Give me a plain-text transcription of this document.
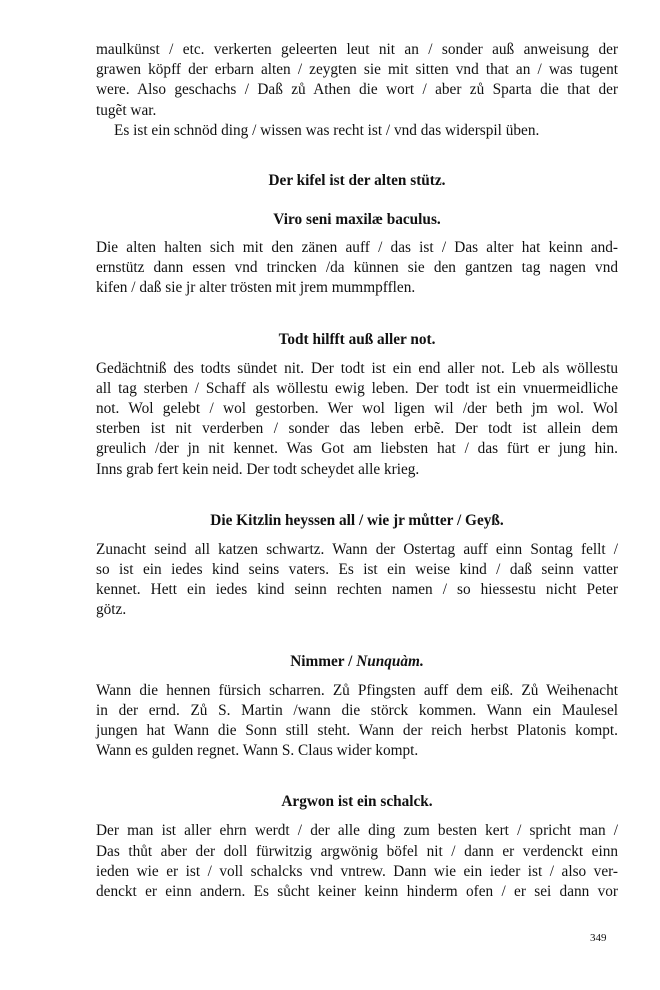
maulkünst / etc. verkerten geleerten leut nit an / sonder auß anweisung der

grawen köpff der erbarn alten / zeygten sie mit sitten vnd that an / was tugent

were. Also geschachs / Daß zů Athen die wort / aber zů Sparta die that der

tugẽt war.

Es ist ein schnöd ding / wissen was recht ist / vnd das widerspil üben.

Der kifel ist der alten stütz.
Viro seni maxilæ baculus.

Die alten halten sich mit den zänen auff / das ist / Das alter hat keinn and-

ernstütz dann essen vnd trincken /da künnen sie den gantzen tag nagen vnd

kifen / daß sie jr alter trösten mit jrem mummpfflen.

Todt hilfft auß aller not.

Gedächtniß des todts sündet nit. Der todt ist ein end aller not. Leb als wöllestu

all tag sterben / Schaff als wöllestu ewig leben. Der todt ist ein vnuermeidliche

not. Wol gelebt / wol gestorben. Wer wol ligen wil /der beth jm wol. Wol

sterben ist nit verderben / sonder das leben erbẽ. Der todt ist allein dem

greulich /der jn nit kennet. Was Got am liebsten hat / das fürt er jung hin.

Inns grab fert kein neid. Der todt scheydet alle krieg.

Die Kitzlin heyssen all / wie jr můtter / Geyß.

Zunacht seind all katzen schwartz. Wann der Ostertag auff einn Sontag fellt /

so ist ein iedes kind seins vaters. Es ist ein weise kind / daß seinn vatter

kennet. Hett ein iedes kind seinn rechten namen / so hiessestu nicht Peter

götz.

Nimmer / Nunquàm.

Wann die hennen fürsich scharren. Zů Pfingsten auff dem eiß. Zů Weihenacht

in der ernd. Zů S. Martin /wann die störck kommen. Wann ein Maulesel

jungen hat Wann die Sonn still steht. Wann der reich herbst Platonis kompt.

Wann es gulden regnet. Wann S. Claus wider kompt.

Argwon ist ein schalck.

Der man ist aller ehrn werdt / der alle ding zum besten kert / spricht man /

Das thůt aber der doll fürwitzig argwönig böfel nit / dann er verdenckt einn

ieden wie er ist / voll schalcks vnd vntrew. Dann wie ein ieder ist / also ver-

denckt er einn andern. Es sůcht keiner keinn hinderm ofen / er sei dann vor

349
